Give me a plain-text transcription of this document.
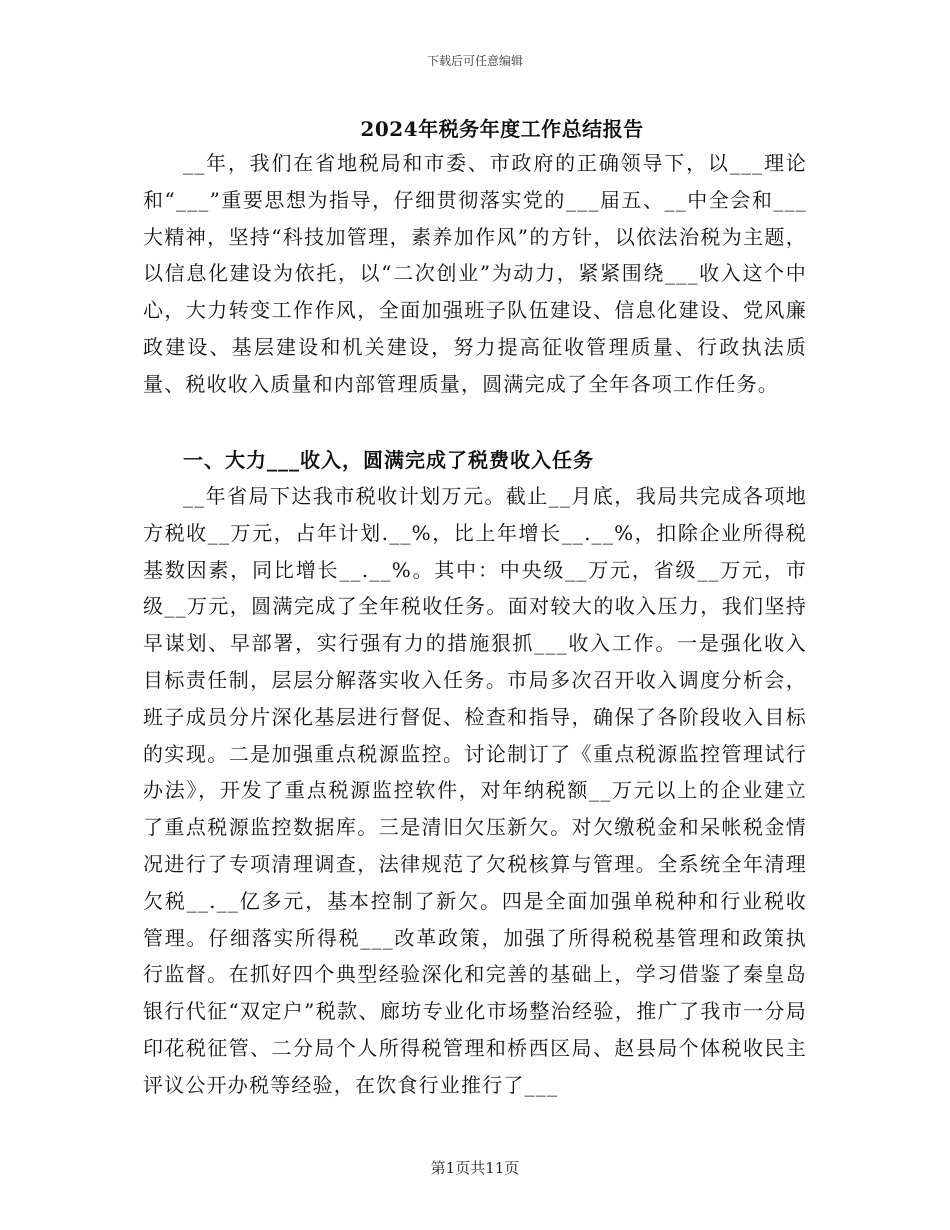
下载后可任意编辑
2024年税务年度工作总结报告

__年，我们在省地税局和市委、市政府的正确领导下，以___理论和“___”重要思想为指导，仔细贯彻落实党的___届五、__中全会和___大精神，坚持“科技加管理，素养加作风”的方针，以依法治税为主题，以信息化建设为依托，以“二次创业”为动力，紧紧围绕___收入这个中心，大力转变工作作风，全面加强班子队伍建设、信息化建设、党风廉政建设、基层建设和机关建设，努力提高征收管理质量、行政执法质量、税收收入质量和内部管理质量，圆满完成了全年各项工作任务。

一、大力___收入，圆满完成了税费收入任务

__年省局下达我市税收计划万元。截止__月底，我局共完成各项地方税收__万元，占年计划.__%，比上年增长__.__%，扣除企业所得税基数因素，同比增长__.__%。其中：中央级__万元，省级__万元，市级__万元，圆满完成了全年税收任务。面对较大的收入压力，我们坚持早谋划、早部署，实行强有力的措施狠抓___收入工作。一是强化收入目标责任制，层层分解落实收入任务。市局多次召开收入调度分析会，班子成员分片深化基层进行督促、检查和指导，确保了各阶段收入目标的实现。二是加强重点税源监控。讨论制订了《重点税源监控管理试行办法》，开发了重点税源监控软件，对年纳税额__万元以上的企业建立了重点税源监控数据库。三是清旧欠压新欠。对欠缴税金和呆帐税金情况进行了专项清理调查，法律规范了欠税核算与管理。全系统全年清理欠税__.__亿多元，基本控制了新欠。四是全面加强单税种和行业税收管理。仔细落实所得税___改革政策，加强了所得税税基管理和政策执行监督。在抓好四个典型经验深化和完善的基础上，学习借鉴了秦皇岛银行代征“双定户”税款、廊坊专业化市场整治经验，推广了我市一分局印花税征管、二分局个人所得税管理和桥西区局、赵县局个体税收民主评议公开办税等经验，在饮食行业推行了___

第1页共11页
